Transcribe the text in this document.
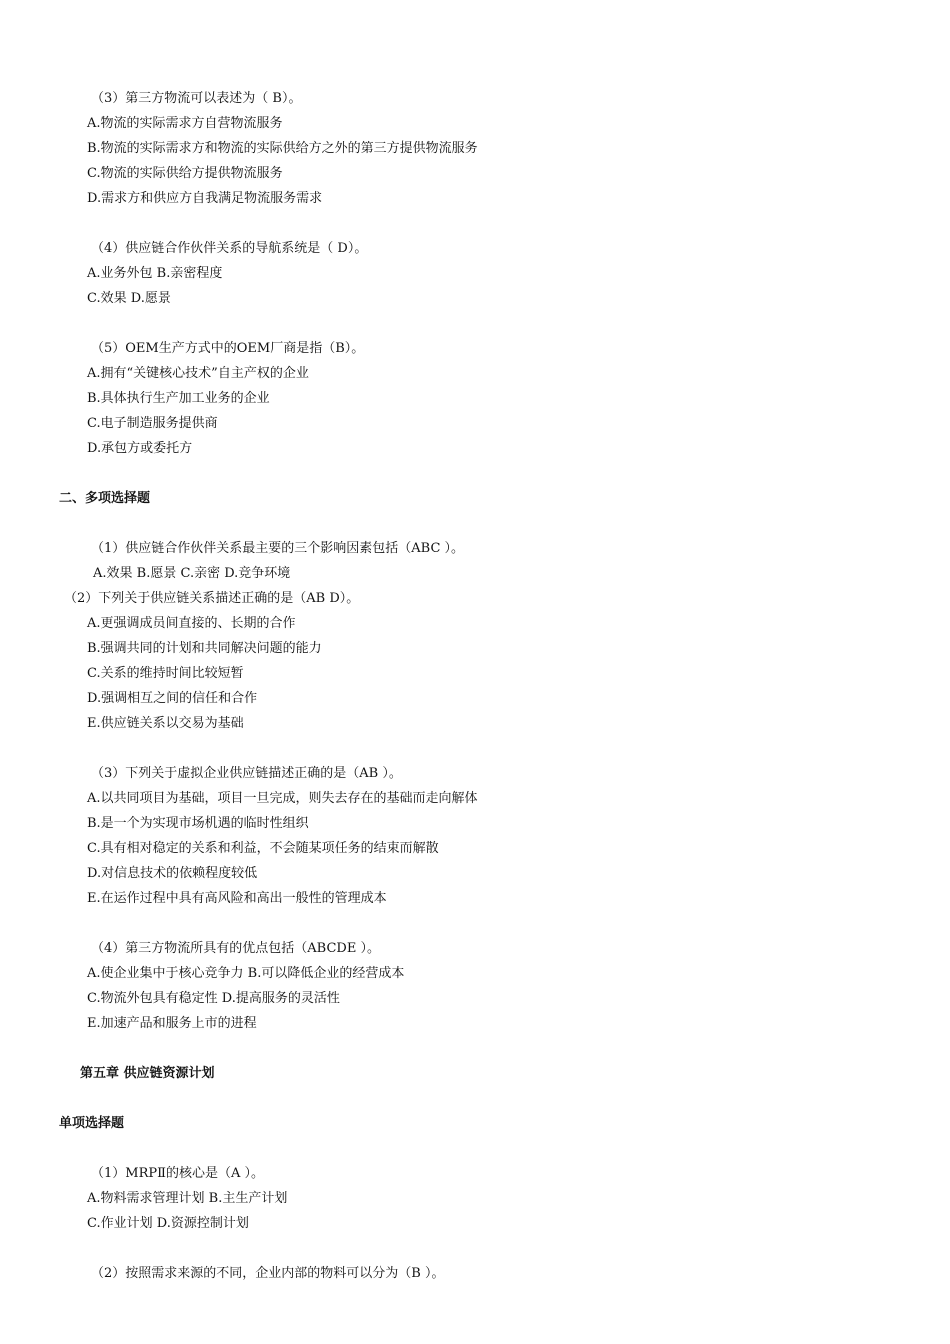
（3）第三方物流可以表述为（ B）。
A.物流的实际需求方自营物流服务
B.物流的实际需求方和物流的实际供给方之外的第三方提供物流服务
C.物流的实际供给方提供物流服务
D.需求方和供应方自我满足物流服务需求
（4）供应链合作伙伴关系的导航系统是（ D）。
A.业务外包 B.亲密程度
C.效果 D.愿景
（5）OEM生产方式中的OEM厂商是指（B）。
A.拥有“关键核心技术”自主产权的企业
B.具体执行生产加工业务的企业
C.电子制造服务提供商
D.承包方或委托方
二、多项选择题
（1）供应链合作伙伴关系最主要的三个影响因素包括（ABC ）。
A.效果 B.愿景 C.亲密 D.竞争环境
（2）下列关于供应链关系描述正确的是（AB D）。
A.更强调成员间直接的、长期的合作
B.强调共同的计划和共同解决问题的能力
C.关系的维持时间比较短暂
D.强调相互之间的信任和合作
E.供应链关系以交易为基础
（3）下列关于虚拟企业供应链描述正确的是（AB ）。
A.以共同项目为基础，项目一旦完成，则失去存在的基础而走向解体
B.是一个为实现市场机遇的临时性组织
C.具有相对稳定的关系和利益，不会随某项任务的结束而解散
D.对信息技术的依赖程度较低
E.在运作过程中具有高风险和高出一般性的管理成本
（4）第三方物流所具有的优点包括（ABCDE ）。
A.使企业集中于核心竞争力 B.可以降低企业的经营成本
C.物流外包具有稳定性 D.提高服务的灵活性
E.加速产品和服务上市的进程
第五章 供应链资源计划
单项选择题
（1）MRPⅡ的核心是（A ）。
A.物料需求管理计划 B.主生产计划
C.作业计划 D.资源控制计划
（2）按照需求来源的不同，企业内部的物料可以分为（B ）。
